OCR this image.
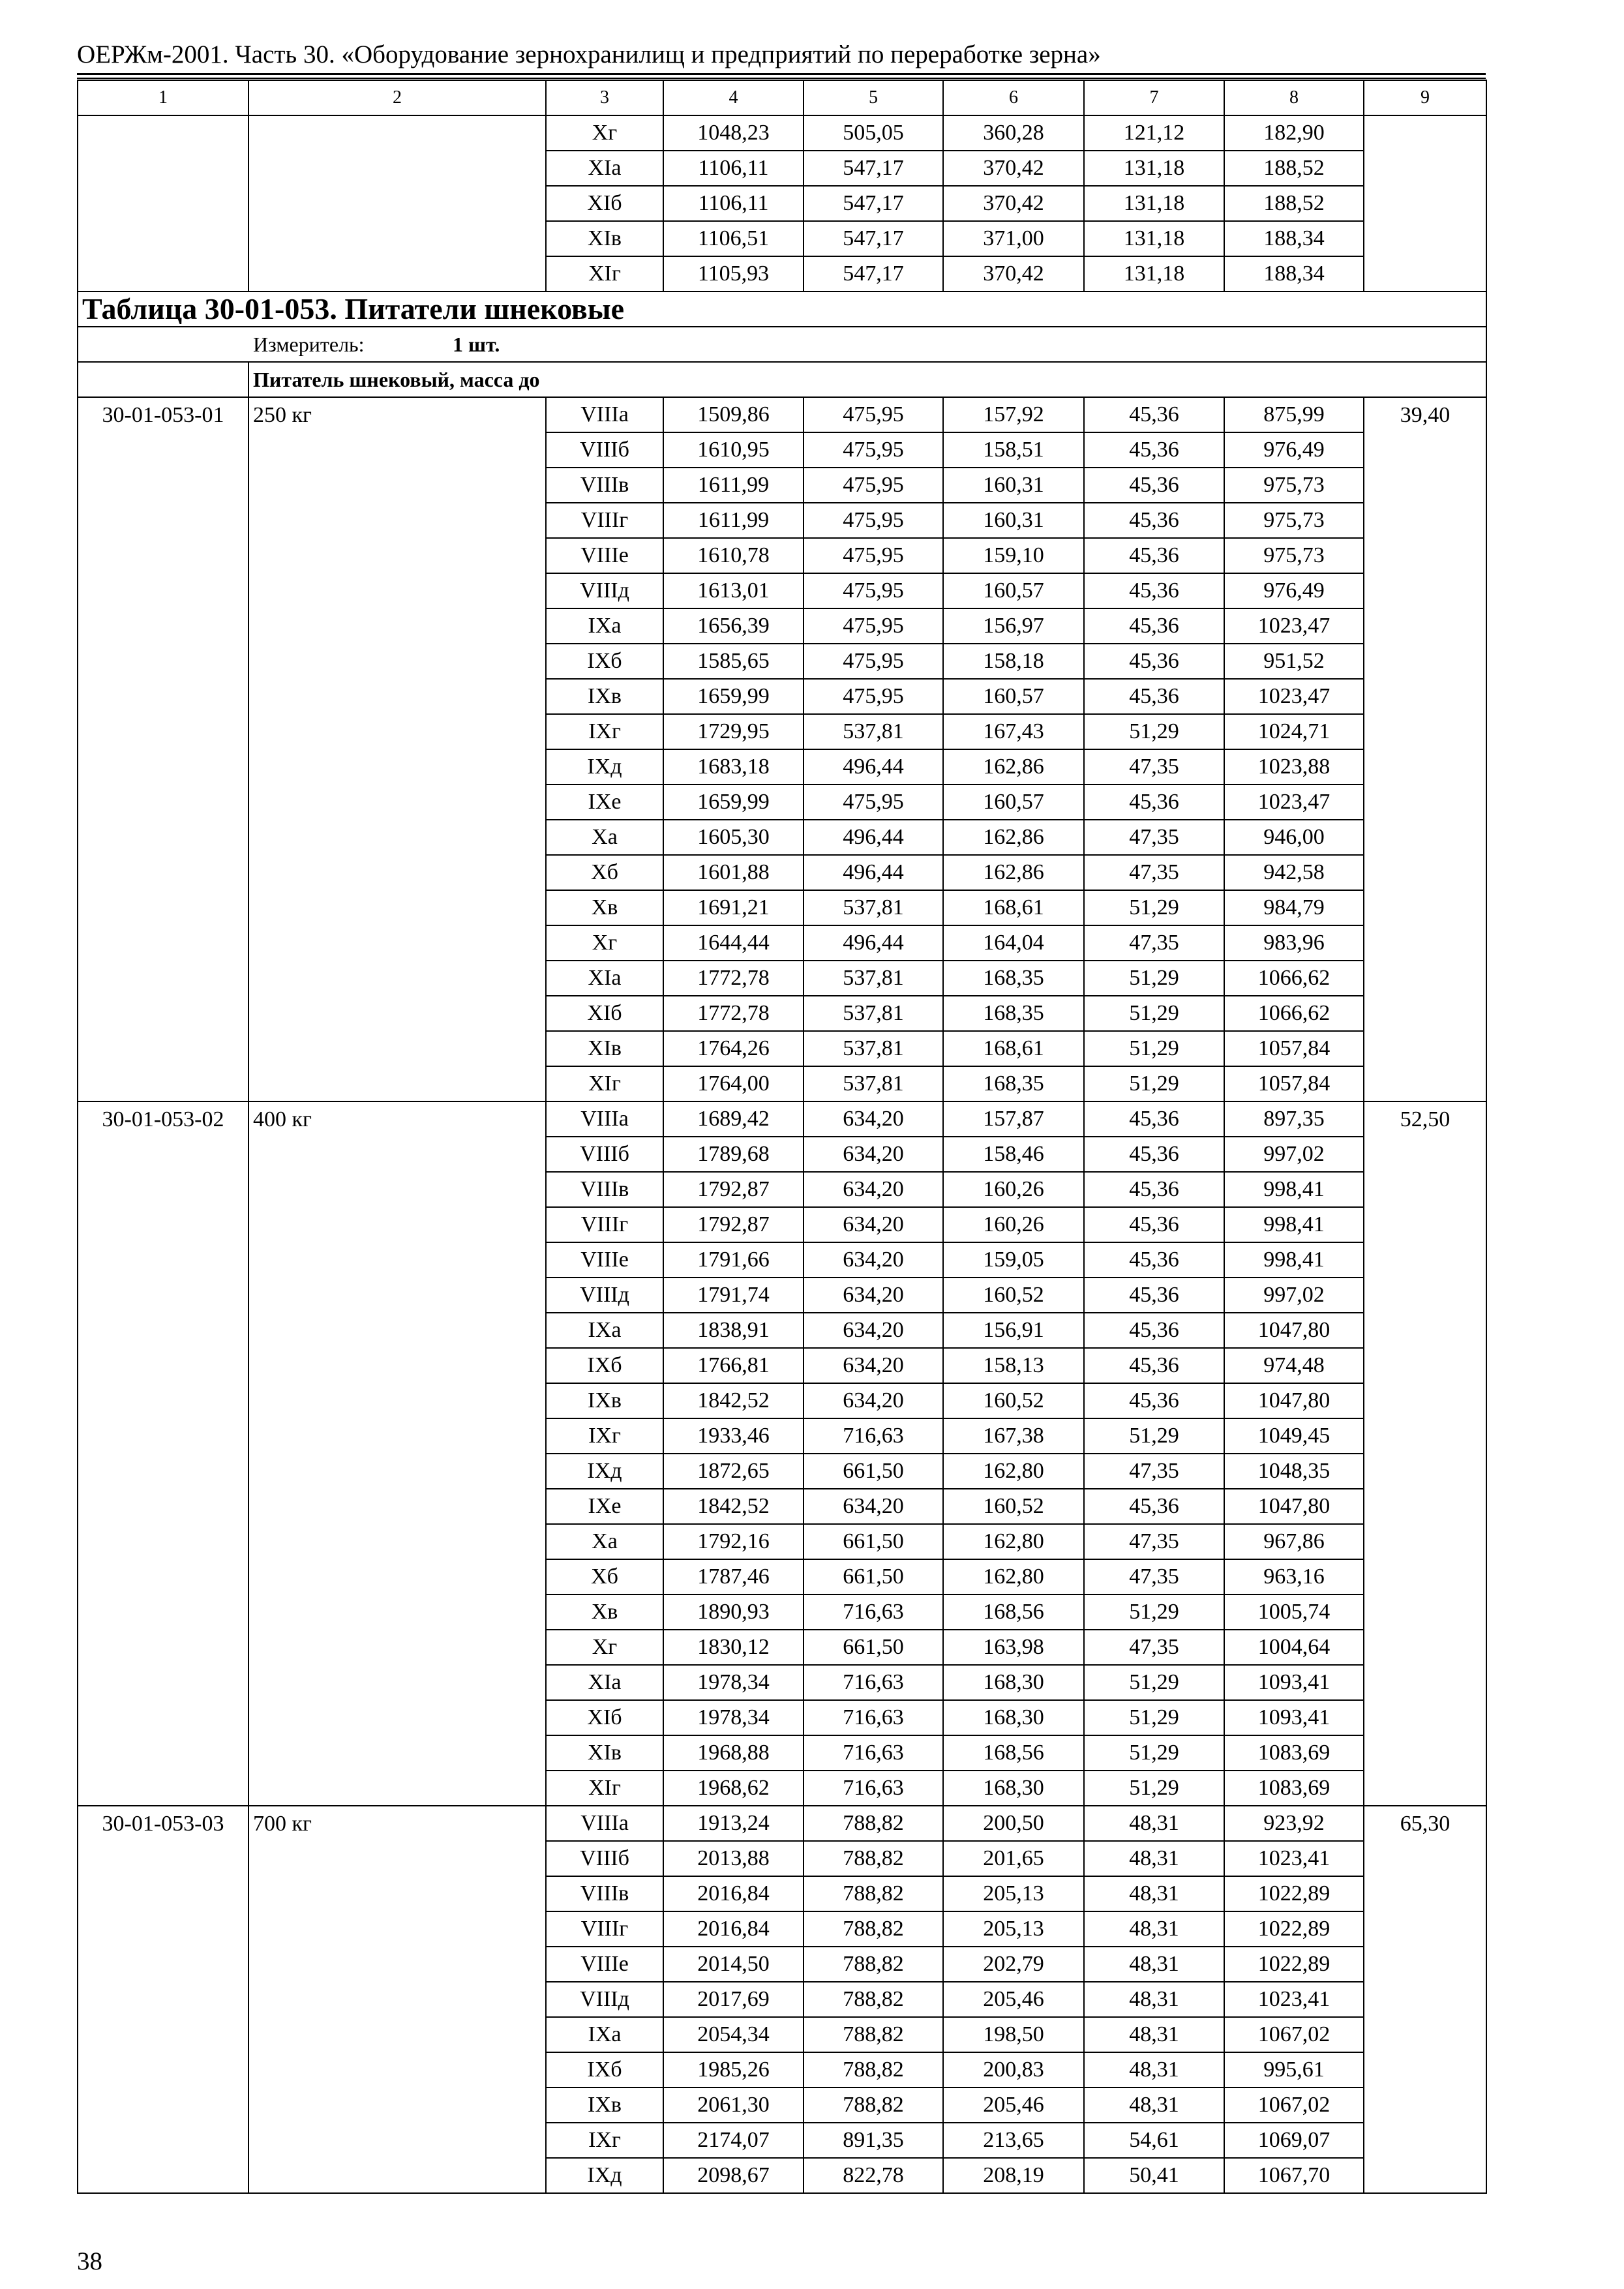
ОЕРЖм-2001. Часть 30. «Оборудование зернохранилищ и предприятий по переработке зерна»
1	2	3	4	5	6	7	8	9
		Хг	1048,23	505,05	360,28	121,12	182,90	
		ХIа	1106,11	547,17	370,42	131,18	188,52	
		ХIб	1106,11	547,17	370,42	131,18	188,52	
		ХIв	1106,51	547,17	371,00	131,18	188,34	
		ХIг	1105,93	547,17	370,42	131,18	188,34	
Таблица 30-01-053. Питатели шнековые								

Измеритель: 1 шт.								

	Питатель шнековый, масса до							
30-01-053-01	250 кг	VIIIа	1509,86	475,95	157,92	45,36	875,99	39,40
		VIIIб	1610,95	475,95	158,51	45,36	976,49	
		VIIIв	1611,99	475,95	160,31	45,36	975,73	
		VIIIг	1611,99	475,95	160,31	45,36	975,73	
		VIIIе	1610,78	475,95	159,10	45,36	975,73	
		VIIIд	1613,01	475,95	160,57	45,36	976,49	
		IХа	1656,39	475,95	156,97	45,36	1023,47	
		IХб	1585,65	475,95	158,18	45,36	951,52	
		IХв	1659,99	475,95	160,57	45,36	1023,47	
		IХг	1729,95	537,81	167,43	51,29	1024,71	
		IХд	1683,18	496,44	162,86	47,35	1023,88	
		IХе	1659,99	475,95	160,57	45,36	1023,47	
		Ха	1605,30	496,44	162,86	47,35	946,00	
		Хб	1601,88	496,44	162,86	47,35	942,58	
		Хв	1691,21	537,81	168,61	51,29	984,79	
		Хг	1644,44	496,44	164,04	47,35	983,96	
		ХIа	1772,78	537,81	168,35	51,29	1066,62	
		ХIб	1772,78	537,81	168,35	51,29	1066,62	
		ХIв	1764,26	537,81	168,61	51,29	1057,84	
		ХIг	1764,00	537,81	168,35	51,29	1057,84	
30-01-053-02	400 кг	VIIIа	1689,42	634,20	157,87	45,36	897,35	52,50
		VIIIб	1789,68	634,20	158,46	45,36	997,02	
		VIIIв	1792,87	634,20	160,26	45,36	998,41	
		VIIIг	1792,87	634,20	160,26	45,36	998,41	
		VIIIе	1791,66	634,20	159,05	45,36	998,41	
		VIIIд	1791,74	634,20	160,52	45,36	997,02	
		IХа	1838,91	634,20	156,91	45,36	1047,80	
		IХб	1766,81	634,20	158,13	45,36	974,48	
		IХв	1842,52	634,20	160,52	45,36	1047,80	
		IХг	1933,46	716,63	167,38	51,29	1049,45	
		IХд	1872,65	661,50	162,80	47,35	1048,35	
		IХе	1842,52	634,20	160,52	45,36	1047,80	
		Ха	1792,16	661,50	162,80	47,35	967,86	
		Хб	1787,46	661,50	162,80	47,35	963,16	
		Хв	1890,93	716,63	168,56	51,29	1005,74	
		Хг	1830,12	661,50	163,98	47,35	1004,64	
		ХIа	1978,34	716,63	168,30	51,29	1093,41	
		ХIб	1978,34	716,63	168,30	51,29	1093,41	
		ХIв	1968,88	716,63	168,56	51,29	1083,69	
		ХIг	1968,62	716,63	168,30	51,29	1083,69	
30-01-053-03	700 кг	VIIIа	1913,24	788,82	200,50	48,31	923,92	65,30
		VIIIб	2013,88	788,82	201,65	48,31	1023,41	
		VIIIв	2016,84	788,82	205,13	48,31	1022,89	
		VIIIг	2016,84	788,82	205,13	48,31	1022,89	
		VIIIе	2014,50	788,82	202,79	48,31	1022,89	
		VIIIд	2017,69	788,82	205,46	48,31	1023,41	
		IХа	2054,34	788,82	198,50	48,31	1067,02	
		IХб	1985,26	788,82	200,83	48,31	995,61	
		IХв	2061,30	788,82	205,46	48,31	1067,02	
		IХг	2174,07	891,35	213,65	54,61	1069,07	
		IХд	2098,67	822,78	208,19	50,41	1067,70	
38
